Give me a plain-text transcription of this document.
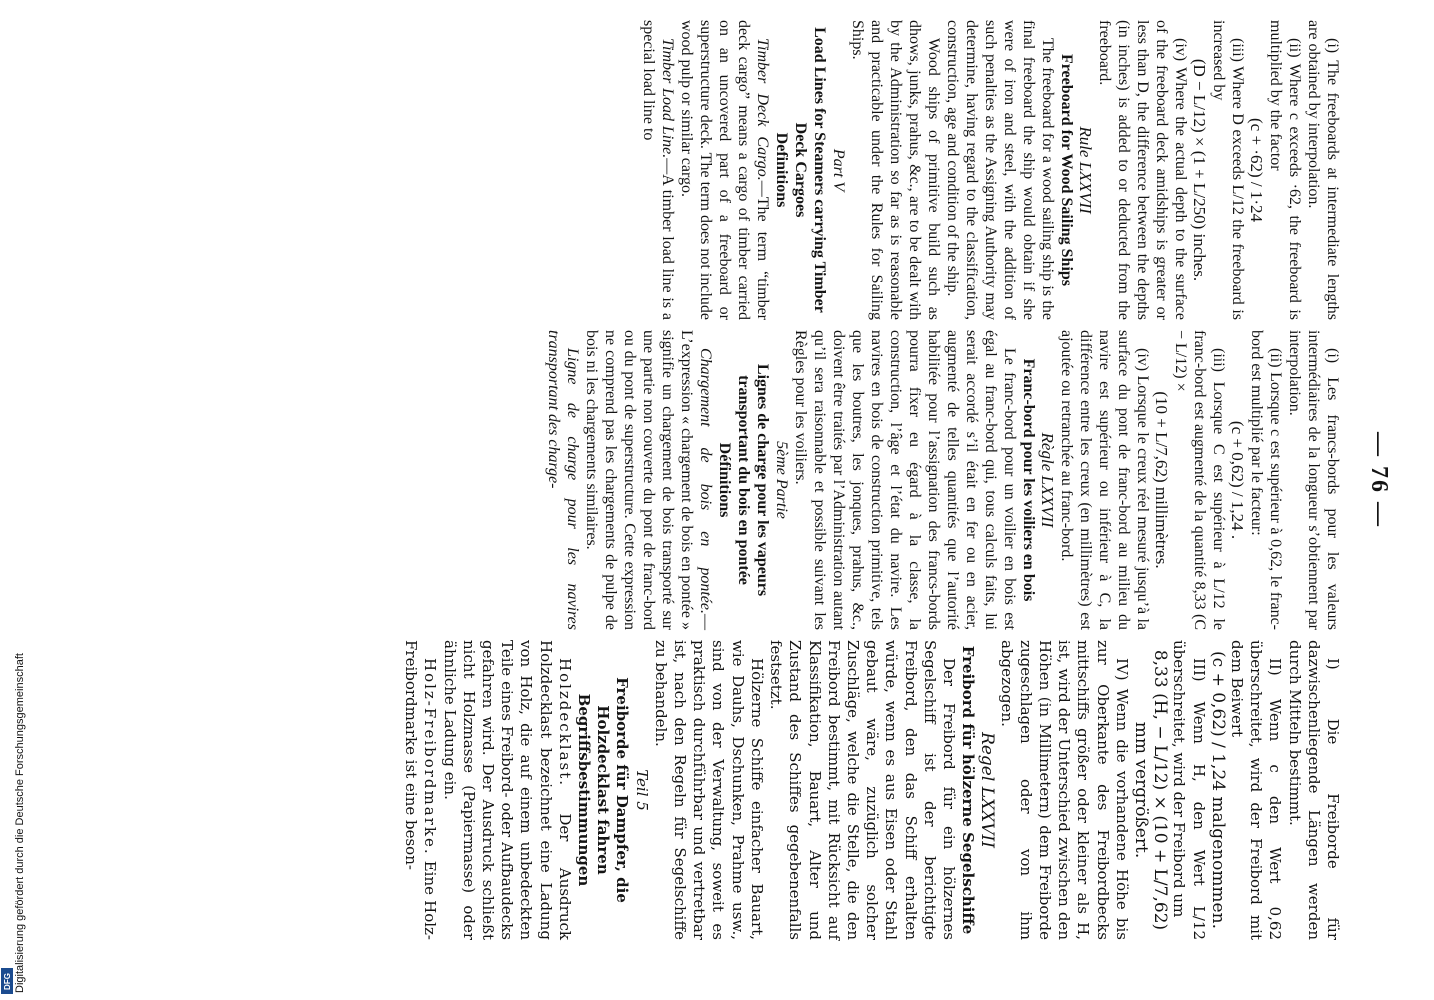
— 76 —

(i) The freeboards at intermediate lengths are obtained by interpolation.

(ii) Where c exceeds ·62, the freeboard is multiplied by the factor

(c + ·62) / 1·24

(iii) Where D exceeds L/12 the freeboard is increased by

(D − L/12) × (1 + L/250) inches.

(iv) Where the actual depth to the surface of the freeboard deck amidships is greater or less than D, the difference between the depths (in inches) is added to or deducted from the freeboard.

Rule LXXVII

Freeboard for Wood Sailing Ships

The freeboard for a wood sailing ship is the final freeboard the ship would obtain if she were of iron and steel, with the addition of such penalties as the Assigning Authority may determine, having regard to the classification, construction, age and condition of the ship.

Wood ships of primitive build such as dhows, junks, prahus, &c., are to be dealt with by the Administration so far as is reasonable and practicable under the Rules for Sailing Ships.

Part V

Load Lines for Steamers carrying Timber Deck Cargoes

Definitions

Timber Deck Cargo.—The term “timber deck cargo” means a cargo of timber carried on an uncovered part of a freeboard or superstructure deck. The term does not include wood pulp or similar cargo.

Timber Load Line.—A timber load line is a special load line to

(i) Les francs-bords pour les valeurs intermédiaires de la longueur s’obtiennent par interpolation.

(ii) Lorsque c est supérieur à 0,62, le franc-bord est multiplié par le facteur:

(c + 0,62) / 1,24 .

(iii) Lorsque C est supérieur à L/12 le franc-bord est augmenté de la quantité 8,33 (C − L/12) ×

(10 + L/7,62) millimètres.

(iv) Lorsque le creux réel mesuré jusqu’à la surface du pont de franc-bord au milieu du navire est supérieur ou inférieur à C, la différence entre les creux (en millimètres) est ajoutée ou retranchée au franc-bord.

Règle LXXVII

Franc-bord pour les voiliers en bois

Le franc-bord pour un voilier en bois est égal au franc-bord qui, tous calculs faits, lui serait accordé s’il était en fer ou en acier, augmenté de telles quantités que l’autorité habilitée pour l’assignation des francs-bords pourra fixer eu égard à la classe, la construction, l’âge et l’état du navire. Les navires en bois de construction primitive, tels que les boutres, les jonques, prahus, &c., doivent être traités par l’Administration autant qu’il sera raisonnable et possible suivant les Règles pour les voiliers.

5ème Partie

Lignes de charge pour les vapeurs transportant du bois en pontée

Définitions

Chargement de bois en pontée.— L’expression « chargement de bois en pontée » signifie un chargement de bois transporté sur une partie non couverte du pont de franc-bord ou du pont de superstructure. Cette expression ne comprend pas les chargements de pulpe de bois ni les chargements similaires.

Ligne de charge pour les navires transportant des charge-

I) Die Freiborde für dazwischenliegende Längen werden durch Mitteln bestimmt.

II) Wenn c den Wert 0,62 überschreitet, wird der Freibord mit dem Beiwert

(c + 0,62) / 1,24 malgenommen.

III) Wenn H, den Wert L/12 überschreitet, wird der Freibord um

8,33 (H, − L/12) × (10 + L/7,62) mm vergrößert.

IV) Wenn die vorhandene Höhe bis zur Oberkante des Freibordbecks mittschiffs größer oder kleiner als H, ist, wird der Unterschied zwischen den Höhen (in Millimetern) dem Freiborde zugeschlagen oder von ihm abgezogen.

Regel LXXVII

Freibord für hölzerne Segelschiffe

Der Freibord für ein hölzernes Segelschiff ist der berichtigte Freibord, den das Schiff erhalten würde, wenn es aus Eisen oder Stahl gebaut wäre, zuzüglich solcher Zuschläge, welche die Stelle, die den Freibord bestimmt, mit Rücksicht auf Klassifikation, Bauart, Alter und Zustand des Schiffes gegebenenfalls festsetzt.

Hölzerne Schiffe einfacher Bauart, wie Dauhs, Dschunken, Prahme usw., sind von der Verwaltung, soweit es praktisch durchführbar und vertretbar ist, nach den Regeln für Segelschiffe zu behandeln.

Teil 5

Freiborde für Dampfer, die Holzdecklast fahren

Begriffsbestimmungen

Holzdecklast. Der Ausdruck Holzdecklast bezeichnet eine Ladung von Holz, die auf einem unbedeckten Teile eines Freibord- oder Aufbaudecks gefahren wird. Der Ausdruck schließt nicht Holzmasse (Papiermasse) oder ähnliche Ladung ein.

Holz-Freibordmarke. Eine Holz-Freibordmarke ist eine beson-

Digitalisierung gefördert durch die Deutsche Forschungsgemeinschaft
DFG
